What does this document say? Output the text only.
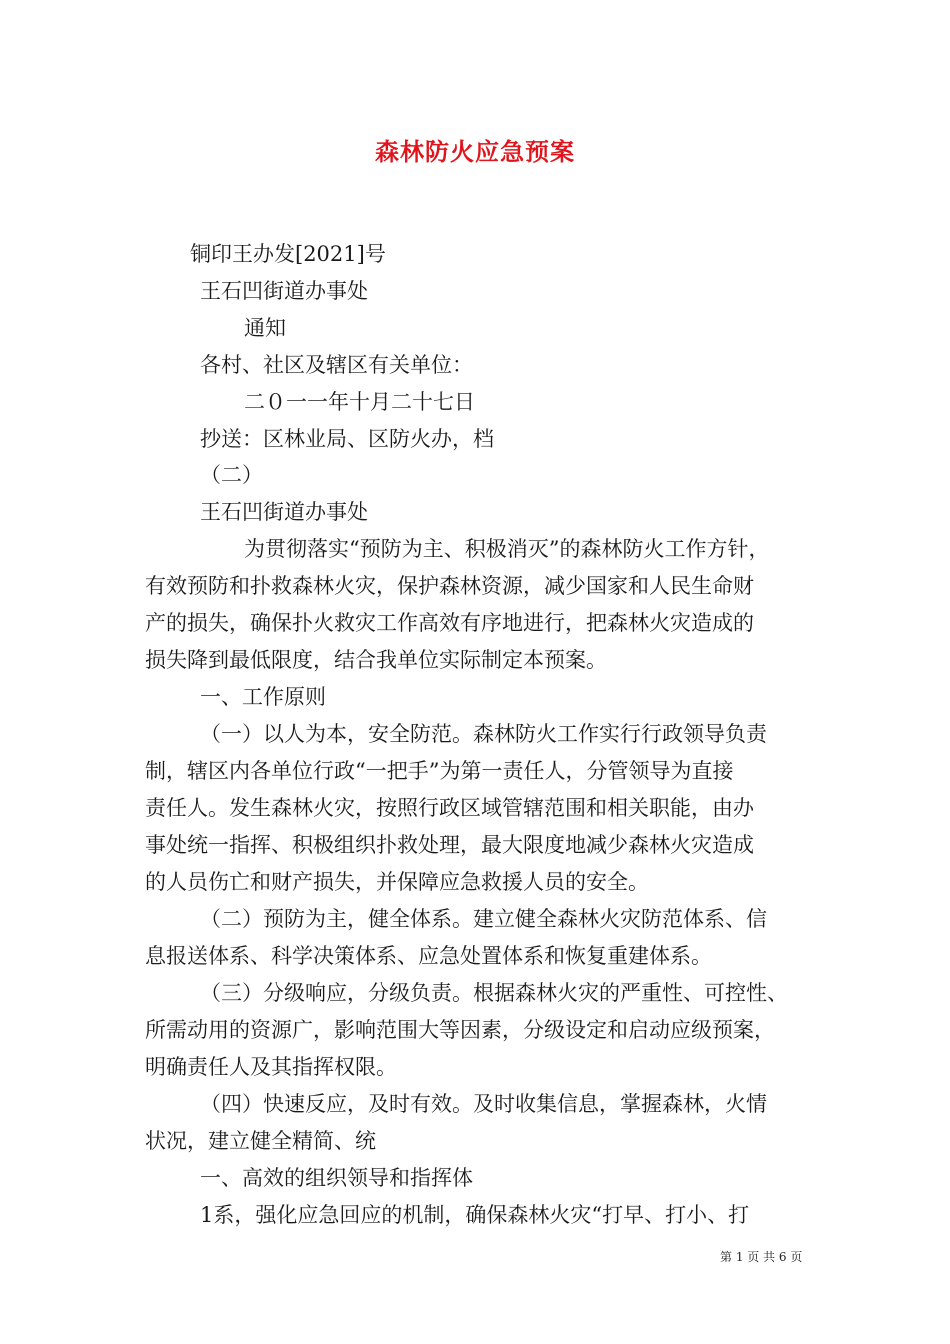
森林防火应急预案
铜印王办发[2021]号
王石凹街道办事处
通知
各村、社区及辖区有关单位：
二０一一年十月二十七日
抄送：区林业局、区防火办，档
（二）
王石凹街道办事处
为贯彻落实“预防为主、积极消灭”的森林防火工作方针，
有效预防和扑救森林火灾，保护森林资源，减少国家和人民生命财
产的损失，确保扑火救灾工作高效有序地进行，把森林火灾造成的
损失降到最低限度，结合我单位实际制定本预案。
一、工作原则
（一）以人为本，安全防范。森林防火工作实行行政领导负责
制，辖区内各单位行政“一把手”为第一责任人，分管领导为直接
责任人。发生森林火灾，按照行政区域管辖范围和相关职能，由办
事处统一指挥、积极组织扑救处理，最大限度地减少森林火灾造成
的人员伤亡和财产损失，并保障应急救援人员的安全。
（二）预防为主，健全体系。建立健全森林火灾防范体系、信
息报送体系、科学决策体系、应急处置体系和恢复重建体系。
（三）分级响应，分级负责。根据森林火灾的严重性、可控性、
所需动用的资源广，影响范围大等因素，分级设定和启动应级预案，
明确责任人及其指挥权限。
（四）快速反应，及时有效。及时收集信息，掌握森林，火情
状况，建立健全精简、统
一、高效的组织领导和指挥体
1系，强化应急回应的机制，确保森林火灾“打早、打小、打
第 1 页 共 6 页
